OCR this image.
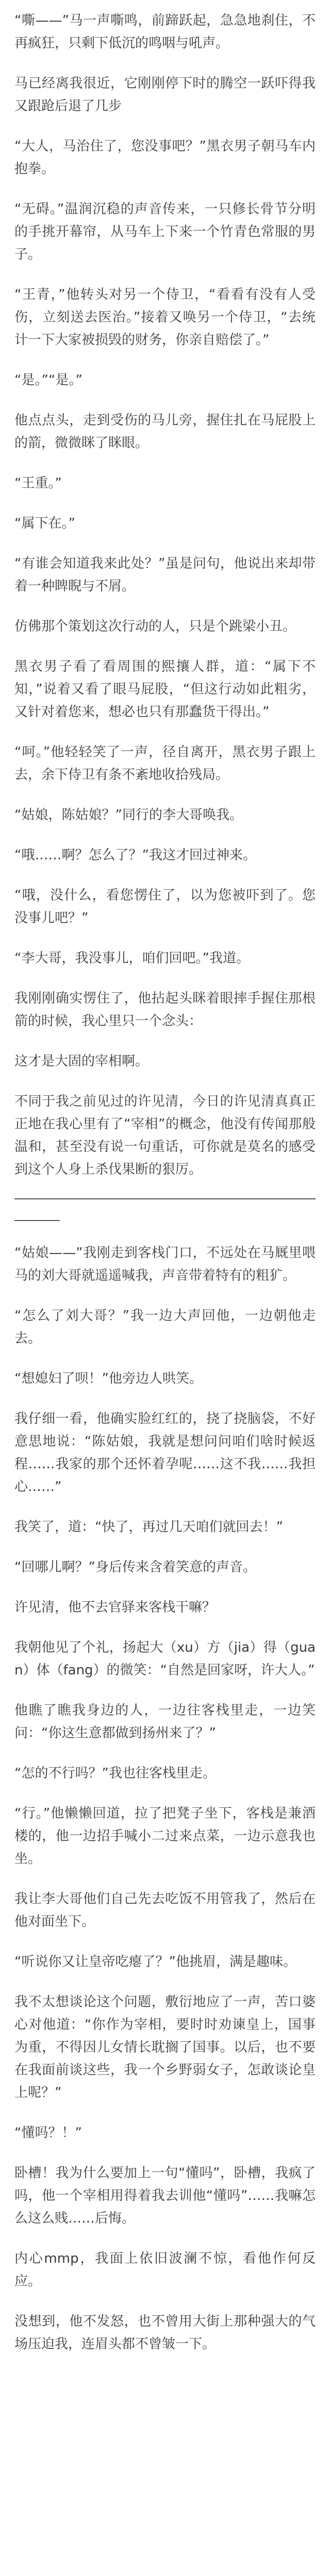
“嘶——”马一声嘶鸣，前蹄跃起，急急地刹住，不再疯狂，只剩下低沉的鸣咽与吼声。

马已经离我很近，它刚刚停下时的腾空一跃吓得我又跟跄后退了几步

“大人，马治住了，您没事吧？”黑衣男子朝马车内抱拳。

“无碍。”温润沉稳的声音传来，一只修长骨节分明的手挑开幕帘，从马车上下来一个竹青色常服的男子。

“王青，”他转头对另一个侍卫，“看看有没有人受伤，立刻送去医治。”接着又唤另一个侍卫，“去统计一下大家被损毁的财务，你亲自赔偿了。”

“是。”“是。”

他点点头，走到受伤的马儿旁，握住扎在马屁股上的箭，微微眯了眯眼。

“王重。”

“属下在。”

“有谁会知道我来此处？”虽是问句，他说出来却带着一种睥睨与不屑。

仿佛那个策划这次行动的人，只是个跳梁小丑。

黑衣男子看了看周围的熙攘人群，道：“属下不知，”说着又看了眼马屁股，“但这行动如此粗劣，又针对着您来，想必也只有那蠢货干得出。”

“呵。”他轻轻笑了一声，径自离开，黑衣男子跟上去，余下侍卫有条不紊地收拾残局。

“姑娘，陈姑娘？”同行的李大哥唤我。

“哦……啊？怎么了？”我这才回过神来。

“哦，没什么，看您愣住了，以为您被吓到了。您没事儿吧？”

“李大哥，我没事儿，咱们回吧。”我道。

我刚刚确实愣住了，他拈起头眯着眼摔手握住那根箭的时候，我心里只一个念头：

这才是大固的宰相啊。

不同于我之前见过的许见清，今日的许见清真真正正地在我心里有了“宰相”的概念，他没有传闻那般温和，甚至没有说一句重话，可你就是莫名的感受到这个人身上杀伐果断的狠厉。

“姑娘——”我刚走到客栈门口，不远处在马厩里喂马的刘大哥就遥遥喊我，声音带着特有的粗犷。

“怎么了刘大哥？”我一边大声回他，一边朝他走去。

“想媳妇了呗！”他旁边人哄笑。

我仔细一看，他确实脸红红的，挠了挠脑袋，不好意思地说：“陈姑娘，我就是想问问咱们啥时候返程……我家的那个还怀着孕呢……这不我……我担心……”

我笑了，道：“快了，再过几天咱们就回去！”

“回哪儿啊？”身后传来含着笑意的声音。

许见清，他不去官驿来客栈干嘛？

我朝他见了个礼，扬起大（xu）方（jia）得（guan）体（fang）的微笑：“自然是回家呀，许大人。”

他瞧了瞧我身边的人，一边往客栈里走，一边笑问：“你这生意都做到扬州来了？”

“怎的不行吗？”我也往客栈里走。

“行。”他懒懒回道，拉了把凳子坐下，客栈是兼酒楼的，他一边招手喊小二过来点菜，一边示意我也坐。

我让李大哥他们自己先去吃饭不用管我了，然后在他对面坐下。

“听说你又让皇帝吃瘪了？”他挑眉，满是趣味。

我不太想谈论这个问题，敷衍地应了一声，苦口婆心对他道：“你作为宰相，要时时劝谏皇上，国事为重，不得因儿女情长耽搁了国事。以后，也不要在我面前谈这些，我一个乡野弱女子，怎敢谈论皇上呢？”

“懂吗？！”

卧槽！我为什么要加上一句“懂吗”，卧槽，我疯了吗，他一个宰相用得着我去训他“懂吗”……我嘛怎么这么贱……后悔。

内心mmp，我面上依旧波澜不惊，看他作何反应。

没想到，他不发怒，也不曾用大街上那种强大的气场压迫我，连眉头都不曾皱一下。
